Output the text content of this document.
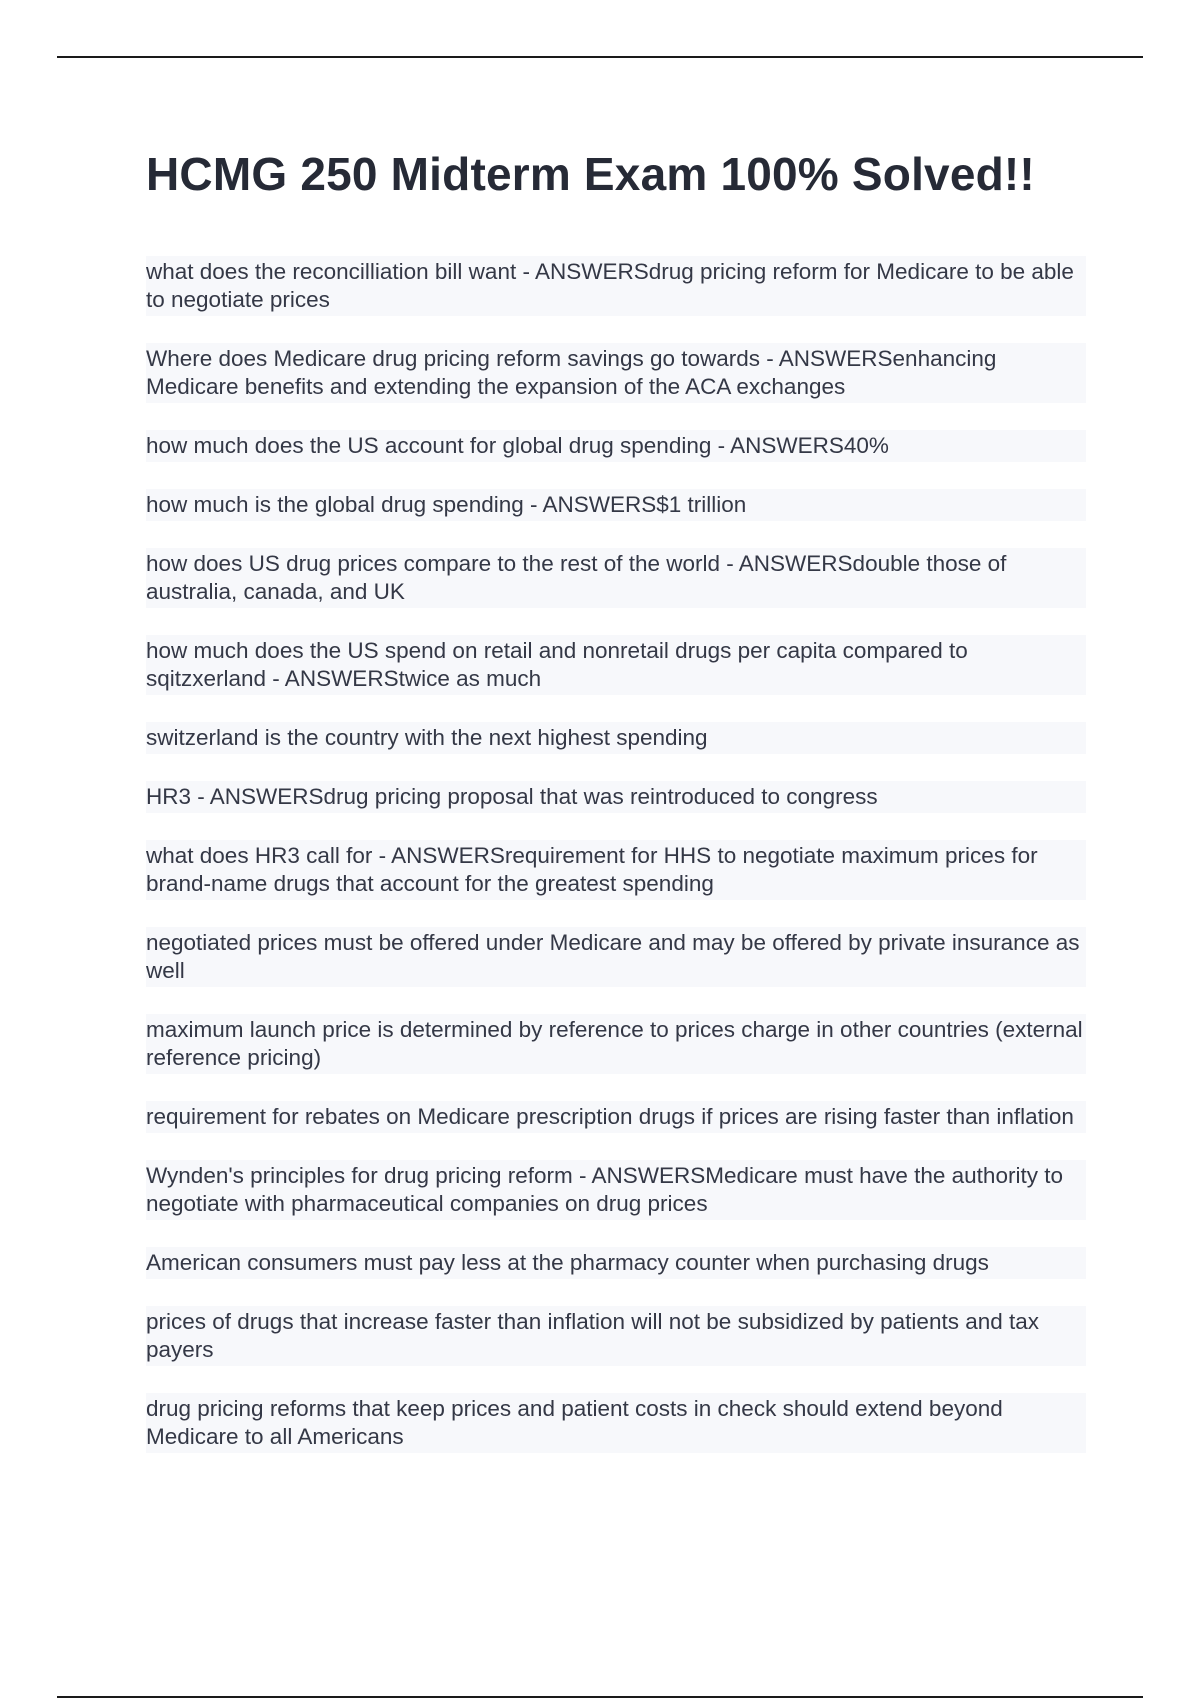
HCMG 250 Midterm Exam 100% Solved!!

what does the reconcilliation bill want - ANSWERSdrug pricing reform for Medicare to be able to negotiate prices

Where does Medicare drug pricing reform savings go towards - ANSWERSenhancing Medicare benefits and extending the expansion of the ACA exchanges

how much does the US account for global drug spending - ANSWERS40%

how much is the global drug spending - ANSWERS$1 trillion

how does US drug prices compare to the rest of the world - ANSWERSdouble those of australia, canada, and UK

how much does the US spend on retail and nonretail drugs per capita compared to sqitzxerland - ANSWERStwice as much

switzerland is the country with the next highest spending

HR3 - ANSWERSdrug pricing proposal that was reintroduced to congress

what does HR3 call for - ANSWERSrequirement for HHS to negotiate maximum prices for brand-name drugs that account for the greatest spending

negotiated prices must be offered under Medicare and may be offered by private insurance as well

maximum launch price is determined by reference to prices charge in other countries (external reference pricing)

requirement for rebates on Medicare prescription drugs if prices are rising faster than inflation

Wynden's principles for drug pricing reform - ANSWERSMedicare must have the authority to negotiate with pharmaceutical companies on drug prices

American consumers must pay less at the pharmacy counter when purchasing drugs

prices of drugs that increase faster than inflation will not be subsidized by patients and tax payers

drug pricing reforms that keep prices and patient costs in check should extend beyond Medicare to all Americans
